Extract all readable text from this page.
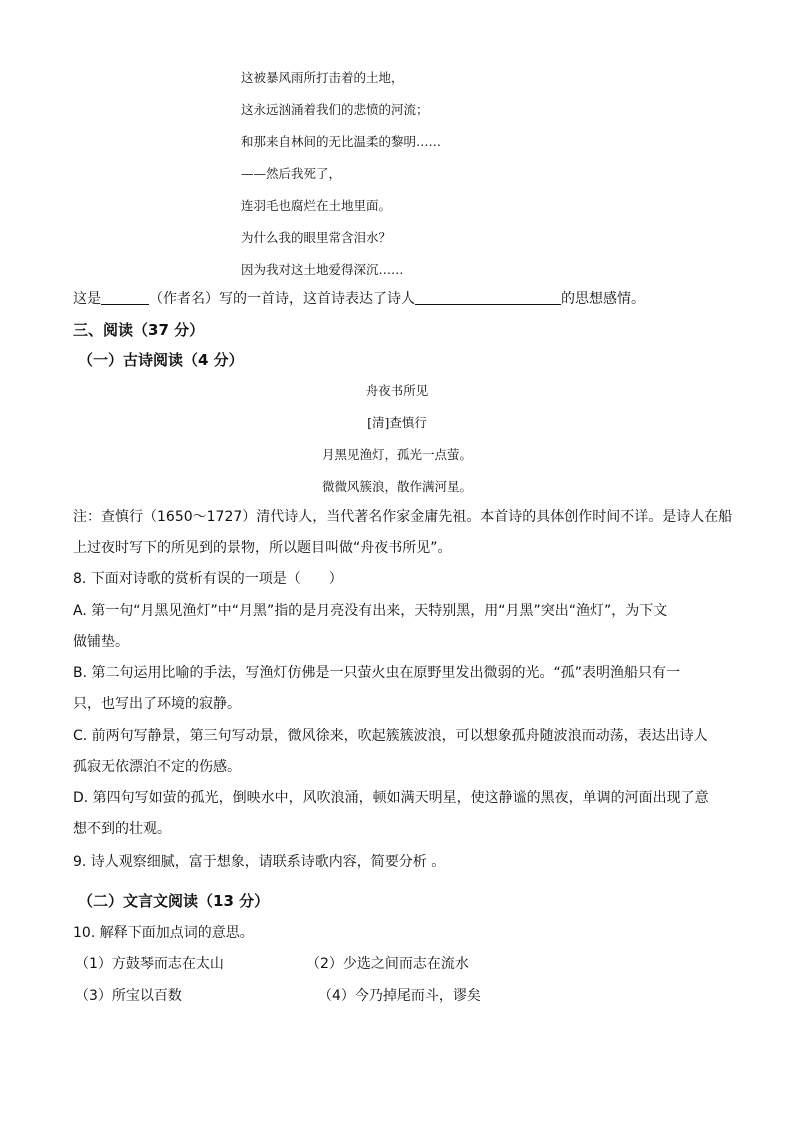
这被暴风雨所打击着的土地，
这永远汹涌着我们的悲愤的河流；
和那来自林间的无比温柔的黎明……
——然后我死了，
连羽毛也腐烂在土地里面。
为什么我的眼里常含泪水？
因为我对这土地爱得深沉……
这是	（作者名）写的一首诗，这首诗表达了诗人	的思想感情。
三、阅读（37 分）
（一）古诗阅读（4 分）
舟夜书所见
[清]查慎行
月黑见渔灯，孤光一点萤。
微微风簇浪，散作满河星。
注：查慎行（1650～1727）清代诗人，当代著名作家金庸先祖。本首诗的具体创作时间不详。是诗人在船
上过夜时写下的所见到的景物，所以题目叫做“舟夜书所见”。
8. 下面对诗歌的赏析有误的一项是（　　）
A. 第一句“月黑见渔灯”中“月黑”指的是月亮没有出来，天特别黑，用“月黑”突出“渔灯”，为下文
做铺垫。
B. 第二句运用比喻的手法，写渔灯仿佛是一只萤火虫在原野里发出微弱的光。“孤”表明渔船只有一
只，也写出了环境的寂静。
C. 前两句写静景，第三句写动景，微风徐来，吹起簇簇波浪，可以想象孤舟随波浪而动荡，表达出诗人
孤寂无依漂泊不定的伤感。
D. 第四句写如萤的孤光，倒映水中，风吹浪涌，顿如满天明星，使这静谧的黑夜，单调的河面出现了意
想不到的壮观。
9. 诗人观察细腻，富于想象，请联系诗歌内容，简要分析 。
（二）文言文阅读（13 分）
10. 解释下面加点词的意思。
（1）方鼓琴而志在太山	（2）少选之间而志在流水
（3）所宝以百数	（4）今乃掉尾而斗，谬矣
